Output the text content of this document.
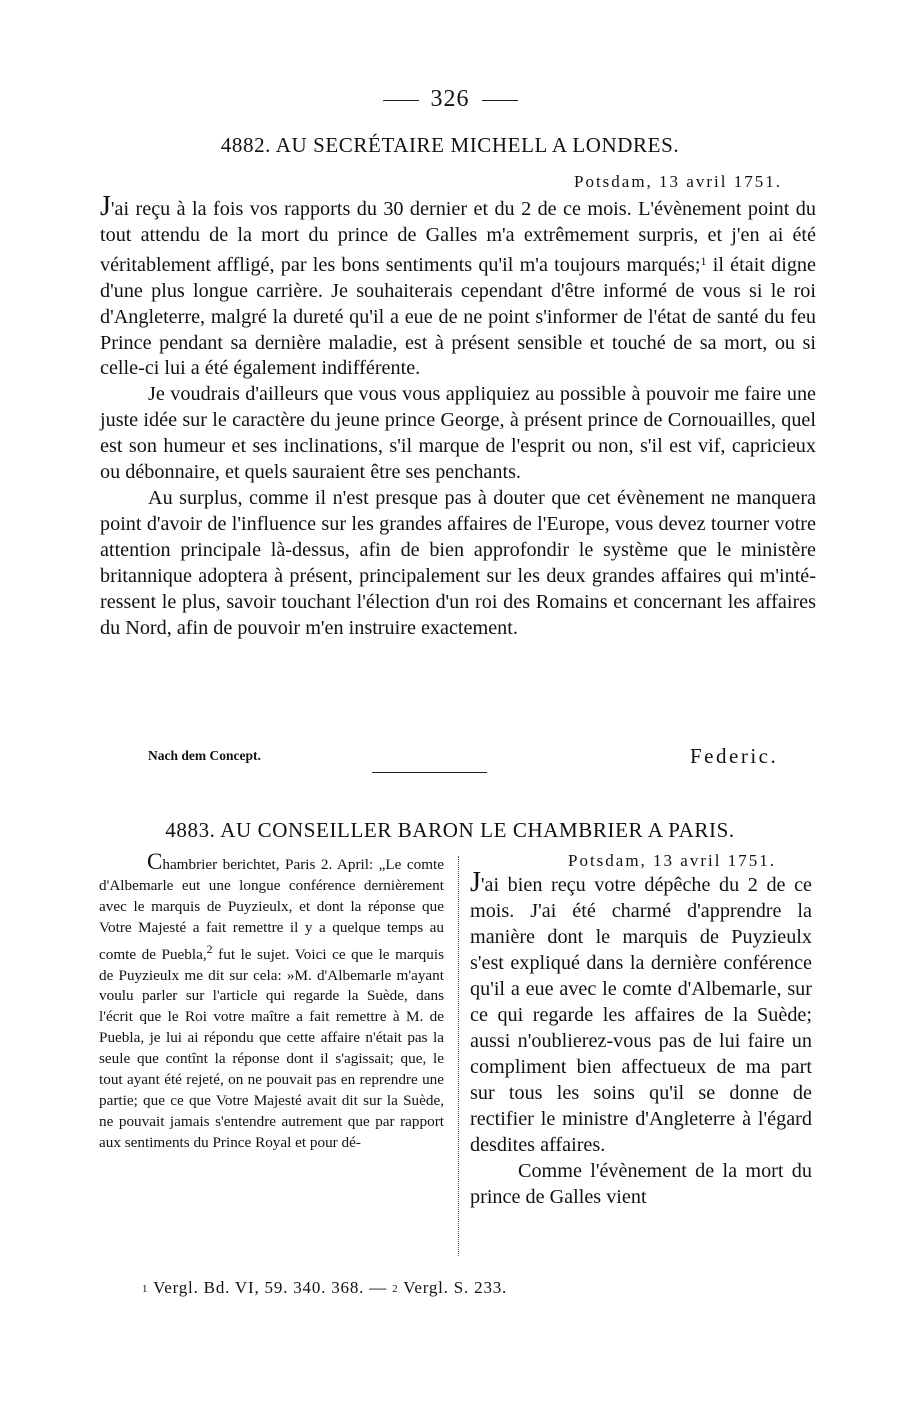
326
4882. AU SECRÉTAIRE MICHELL A LONDRES.
Potsdam, 13 avril 1751.

J'ai reçu à la fois vos rapports du 30 dernier et du 2 de ce mois. L'évènement point du tout attendu de la mort du prince de Galles m'a extrêmement surpris, et j'en ai été véritablement affligé, par les bons sentiments qu'il m'a toujours marqués;$^1$ il était digne d'une plus longue carrière. Je souhaiterais cependant d'être informé de vous si le roi d'Angleterre, malgré la dureté qu'il a eue de ne point s'informer de l'état de santé du feu Prince pendant sa dernière maladie, est à présent sensible et touché de sa mort, ou si celle-ci lui a été également indifférente.

Je voudrais d'ailleurs que vous vous appliquiez au possible à pouvoir me faire une juste idée sur le caractère du jeune prince George, à présent prince de Cornouailles, quel est son humeur et ses inclinations, s'il marque de l'esprit ou non, s'il est vif, capricieux ou débonnaire, et quels sauraient être ses penchants.

Au surplus, comme il n'est presque pas à douter que cet évènement ne manquera point d'avoir de l'influence sur les grandes affaires de l'Europe, vous devez tourner votre attention principale là-dessus, afin de bien approfondir le système que le ministère britannique adoptera à présent, principalement sur les deux grandes affaires qui m'intéressent le plus, savoir touchant l'élection d'un roi des Romains et concernant les affaires du Nord, afin de pouvoir m'en instruire exactement.

Nach dem Concept.	Federic.
4883. AU CONSEILLER BARON LE CHAMBRIER A PARIS.

Chambrier berichtet, Paris 2. April: „Le comte d'Albemarle eut une longue conférence dernièrement avec le marquis de Puyzieulx, et dont la réponse que Votre Majesté a fait remettre il y a quelque temps au comte de Puebla,$^2$ fut le sujet. Voici ce que le marquis de Puyzieulx me dit sur cela: »M. d'Albemarle m'ayant voulu parler sur l'article qui regarde la Suède, dans l'écrit que le Roi votre maître a fait remettre à M. de Puebla, je lui ai répondu que cette affaire n'était pas la seule que contînt la réponse dont il s'agissait; que, le tout ayant été rejeté, on ne pouvait pas en reprendre une partie; que ce que Votre Majesté avait dit sur la Suède, ne pouvait jamais s'entendre autrement que par rapport aux sentiments du Prince Royal et pour dé-

Potsdam, 13 avril 1751.

J'ai bien reçu votre dépêche du 2 de ce mois. J'ai été charmé d'apprendre la manière dont le marquis de Puyzieulx s'est expliqué dans la dernière conférence qu'il a eue avec le comte d'Albemarle, sur ce qui regarde les affaires de la Suède; aussi n'oublierez-vous pas de lui faire un compliment bien affectueux de ma part sur tous les soins qu'il se donne de rectifier le ministre d'Angleterre à l'égard desdites affaires.

Comme l'évènement de la mort du prince de Galles vient

1 Vergl. Bd. VI, 59. 340. 368. — 2 Vergl. S. 233.
